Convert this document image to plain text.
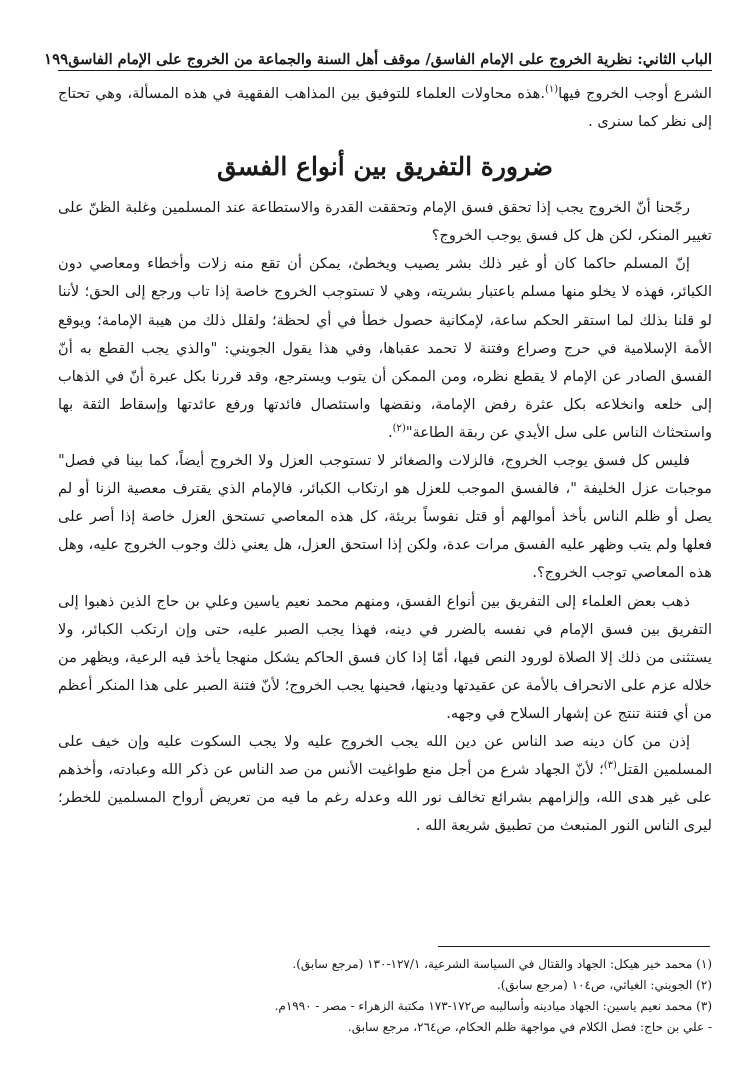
الباب الثاني: نظرية الخروج على الإمام الفاسق/ موقف أهل السنة والجماعة من الخروج على الإمام الفاسق
١٩٩

الشرع أوجب الخروج فيها$^{(١)}$.هذه محاولات العلماء للتوفيق بين المذاهب الفقهية في هذه المسألة، وهي تحتاج إلى نظر كما سنرى .

ضرورة التفريق بين أنواع الفسق

رجّحنا أنّ الخروج يجب إذا تحقق فسق الإمام وتحققت القدرة والاستطاعة عند المسلمين وغلبة الظنّ على تغيير المنكر، لكن هل كل فسق يوجب الخروج؟

إنّ المسلم حاكما كان أو غير ذلك بشر يصيب ويخطئ، يمكن أن تقع منه زلات وأخطاء ومعاصي دون الكبائر، فهذه لا يخلو منها مسلم باعتبار بشريته، وهي لا تستوجب الخروج خاصة إذا تاب ورجع إلى الحق؛ لأننا لو قلنا بذلك لما استقر الحكم ساعة، لإمكانية حصول خطأ في أي لحظة؛ ولقلل ذلك من هيبة الإمامة؛ ويوقع الأمة الإسلامية في حرج وصراع وفتنة لا تحمد عقباها، وفي هذا يقول الجويني: "والذي يجب القطع به أنّ الفسق الصادر عن الإمام لا يقطع نظره، ومن الممكن أن يتوب ويسترجع، وقد قررنا بكل عبرة أنّ في الذهاب إلى خلعه وانخلاعه بكل عثرة رفض الإمامة، ونقضها واستئصال فائدتها ورفع عائدتها وإسقاط الثقة بها واستحثاث الناس على سل الأيدي عن ربقة الطاعة"$^{(٢)}$.

فليس كل فسق يوجب الخروج، فالزلات والصغائر لا تستوجب العزل ولا الخروج أيضاً، كما بينا في فصل" موجبات عزل الخليفة "، فالفسق الموجب للعزل هو ارتكاب الكبائر، فالإمام الذي يقترف معصية الزنا أو لم يصل أو ظلم الناس بأخذ أموالهم أو قتل نفوساً بريئة، كل هذه المعاصي تستحق العزل خاصة إذا أصر على فعلها ولم يتب وظهر عليه الفسق مرات عدة، ولكن إذا استحق العزل، هل يعني ذلك وجوب الخروج عليه، وهل هذه المعاصي توجب الخروج؟.

ذهب بعض العلماء إلى التفريق بين أنواع الفسق، ومنهم محمد نعيم ياسين وعلي بن حاج الذين ذهبوا إلى التفريق بين فسق الإمام في نفسه بالضرر في دينه، فهذا يجب الصبر عليه، حتى وإن ارتكب الكبائر، ولا يستثنى من ذلك إلا الصلاة لورود النص فيها، أمّا إذا كان فسق الحاكم يشكل منهجا يأخذ فيه الرعية، ويظهر من خلاله عزم على الانحراف بالأمة عن عقيدتها ودينها، فحينها يجب الخروج؛ لأنّ فتنة الصبر على هذا المنكر أعظم من أي فتنة تنتج عن إشهار السلاح في وجهه.

إذن من كان دينه صد الناس عن دين الله يجب الخروج عليه ولا يجب السكوت عليه وإن خيف على المسلمين القتل$^{(٣)}$؛ لأنّ الجهاد شرع من أجل منع طواغيت الأنس من صد الناس عن ذكر الله وعبادته، وأخذهم على غير هدى الله، وإلزامهم بشرائع تخالف نور الله وعدله رغم ما فيه من تعريض أرواح المسلمين للخطر؛ ليرى الناس النور المنبعث من تطبيق شريعة الله .

(١) محمد خير هيكل: الجهاد والقتال في السياسة الشرعية، ١٢٧/١-١٣٠ (مرجع سابق).
(٢) الجويني: الغياثي، ص١٠٤ (مرجع سابق).
(٣) محمد نعيم ياسين: الجهاد ميادينه وأساليبه ص١٧٢-١٧٣ مكتبة الزهراء - مصر - ١٩٩٠م.
- علي بن حاج: فصل الكلام في مواجهة ظلم الحكام، ص٢٦٤، مرجع سابق.
